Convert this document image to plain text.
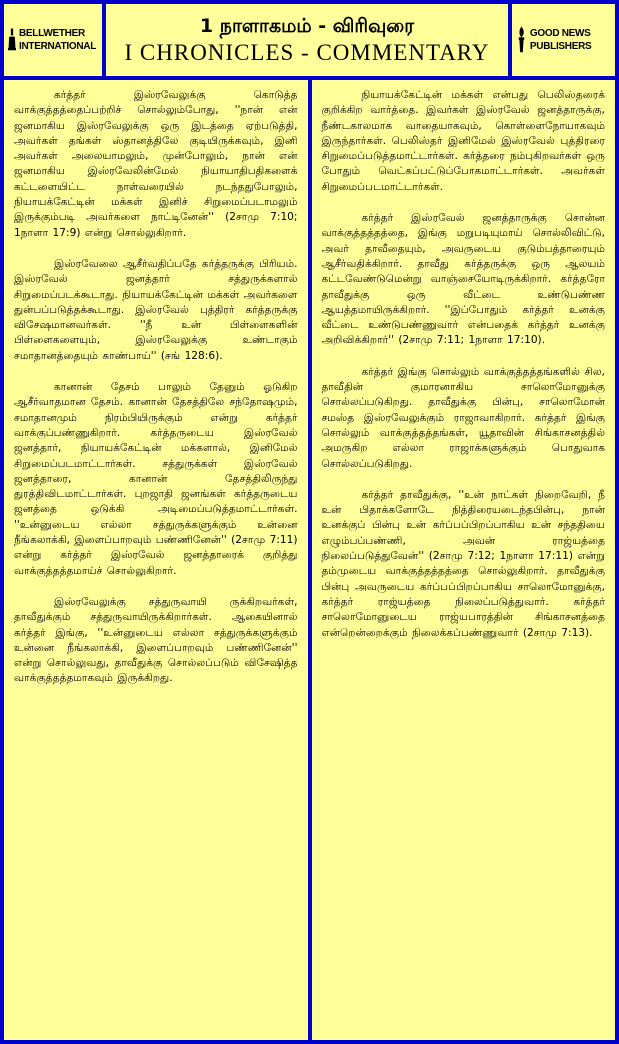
BELLWETHER INTERNATIONAL
1 நாளாகமம் - விரிவுரை
I CHRONICLES - COMMENTARY
GOOD NEWS PUBLISHERS

கர்த்தர் இஸ்ரவேலுக்கு கொடுத்த வாக்குத்தத்தைப்பற்றிச் சொல்லும்போது, ''நான் என் ஜனமாகிய இஸ்ரவேலுக்கு ஒரு இடத்தை ஏற்படுத்தி, அவர்கள் தங்கள் ஸ்தானத்திலே குடியிருக்கவும், இனி அவர்கள் அலையாமலும், முன்போலும், நான் என் ஜனமாகிய இஸ்ரவேலின்மேல் நியாயாதிபதிகளைக் கட்டளையிட்ட நாள்வரையில் நடந்ததுபோலும், நியாயக்கேட்டின் மக்கள் இனிச் சிறுமைப்படாமலும் இருக்கும்படி அவர்களை நாட்டினேன்'' (2சாமு 7:10; 1நாளா 17:9) என்று சொல்லுகிறார்.

இஸ்ரவேலை ஆசீர்வதிப்பதே கர்த்தருக்கு பிரியம். இஸ்ரவேல் ஜனத்தார் சத்துருக்களால் சிறுமைப்படக்கூடாது. நியாயக்கேட்டின் மக்கள் அவர்களை துன்பப்படுத்தக்கூடாது. இஸ்ரவேல் புத்திரர் கர்த்தருக்கு விசேஷமானவர்கள். ''நீ உன் பிள்ளைகளின் பிள்ளைகளையும், இஸ்ரவேலுக்கு உண்டாகும் சமாதானத்தையும் காண்பாய்'' (சங் 128:6).

கானான் தேசம் பாலும் தேனும் ஓடுகிற ஆசீர்வாதமான தேசம். கானான் தேசத்திலே சந்தோஷமும், சமாதானமும் நிரம்பியிருக்கும் என்று கர்த்தர் வாக்குப்பண்ணுகிறார். கர்த்தருடைய இஸ்ரவேல் ஜனத்தார், நியாயக்கேட்டின் மக்களால், இனிமேல் சிறுமைப்படமாட்டார்கள். சத்துருக்கள் இஸ்ரவேல் ஜனத்தாரை, கானான் தேசத்திலிருந்து துரத்திவிடமாட்டார்கள். புறஜாதி ஜனங்கள் கர்த்தருடைய ஜனத்தை ஒடுக்கி அடிமைப்படுத்தமாட்டார்கள். ''உன்னுடைய எல்லா சத்துருக்களுக்கும் உன்னை நீங்கலாக்கி, இளைப்பாறவும் பண்ணினேன்'' (2சாமு 7:11) என்று கர்த்தர் இஸ்ரவேல் ஜனத்தாரைக் குறித்து வாக்குத்தத்தமாய்ச் சொல்லுகிறார்.

இஸ்ரவேலுக்கு சத்துருவாயி ருக்கிறவர்கள், தாவீதுக்கும் சத்துருவாயிருக்கிறார்கள். ஆகையினால் கர்த்தர் இங்கு, ''உன்னுடைய எல்லா சத்துருக்களுக்கும் உன்னை நீங்கலாக்கி, இளைப்பாறவும் பண்ணினேன்'' என்று சொல்லுவது, தாவீதுக்கு சொல்லப்படும் விசேஷித்த வாக்குத்தத்தமாகவும் இருக்கிறது.

நியாயக்கேட்டின் மக்கள் என்பது பெலிஸ்தரைக் குறிக்கிற வார்த்தை. இவர்கள் இஸ்ரவேல் ஜனத்தாருக்கு, நீண்டகாலமாக வாதையாகவும், கொள்ளைநோயாகவும் இருந்தார்கள். பெலிஸ்தர் இனிமேல் இஸ்ரவேல் புத்திரரை சிறுமைப்படுத்தமாட்டார்கள். கர்த்தரை நம்புகிறவர்கள் ஒரு போதும் வெட்கப்பட்டுப்போகமாட்டார்கள். அவர்கள் சிறுமைப்படமாட்டார்கள்.

கர்த்தர் இஸ்ரவேல் ஜனத்தாருக்கு சொன்ன வாக்குத்தத்தத்தை, இங்கு மறுபடியுமாய் சொல்லிவிட்டு, அவர் தாவீதையும், அவருடைய குடும்பத்தாரையும் ஆசீர்வதிக்கிறார். தாவீது கர்த்தருக்கு ஒரு ஆலயம் கட்டவேண்டுமென்று வாஞ்சையோடிருக்கிறார். கர்த்தரோ தாவீதுக்கு ஒரு வீட்டை உண்டுபண்ண ஆயத்தமாயிருக்கிறார். ''இப்போதும் கர்த்தர் உனக்கு வீட்டை உண்டுபண்ணுவார் என்பதைக் கர்த்தர் உனக்கு அறிவிக்கிறார்'' (2சாமு 7:11; 1நாளா 17:10).

கர்த்தர் இங்கு சொல்லும் வாக்குத்தத்தங்களில் சில, தாவீதின் குமாரனாகிய சாலொமோனுக்கு சொல்லப்படுகிறது. தாவீதுக்கு பின்பு, சாலொமோன் சமஸ்த இஸ்ரவேலுக்கும் ராஜாவாகிறார். கர்த்தர் இங்கு சொல்லும் வாக்குத்தத்தங்கள், யூதாவின் சிங்காசனத்தில் அமருகிற எல்லா ராஜாக்களுக்கும் பொதுவாக சொல்லப்படுகிறது.

கர்த்தர் தாவீதுக்கு, ''உன் நாட்கள் நிறைவேறி, நீ உன் பிதாக்களோடே நித்திரையடைந்தபின்பு, நான் உனக்குப் பின்பு உன் கர்ப்பப்பிறப்பாகிய உன் சந்ததியை எழும்பப்பண்ணி, அவன் ராஜ்யத்தை நிலைப்படுத்துவேன்'' (2சாமு 7:12; 1நாளா 17:11) என்று தம்முடைய வாக்குத்தத்தத்தை சொல்லுகிறார். தாவீதுக்கு பின்பு அவருடைய கர்ப்பப்பிறப்பாகிய சாலொமோனுக்கு, கர்த்தர் ராஜ்யத்தை நிலைப்படுத்துவார். கர்த்தர் சாலொமோனுடைய ராஜ்யபாரத்தின் சிங்காசனத்தை என்றென்றைக்கும் நிலைக்கப்பண்ணுவார் (2சாமு 7:13).
